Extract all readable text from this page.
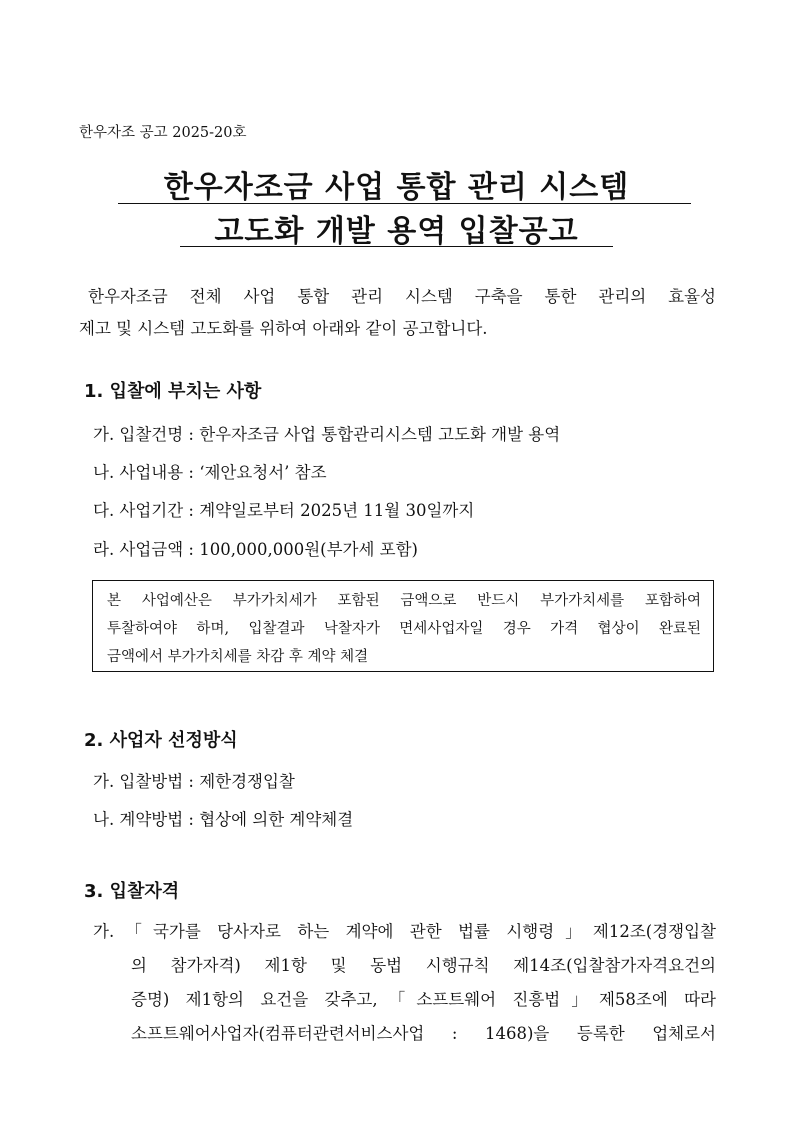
한우자조 공고 2025-20호
한우자조금 사업 통합 관리 시스템
고도화 개발 용역 입찰공고
한우자조금 전체 사업 통합 관리 시스템 구축을 통한 관리의 효율성
제고 및 시스템 고도화를 위하여 아래와 같이 공고합니다.
1. 입찰에 부치는 사항
가. 입찰건명 : 한우자조금 사업 통합관리시스템 고도화 개발 용역
나. 사업내용 : ‘제안요청서’ 참조
다. 사업기간 : 계약일로부터 2025년 11월 30일까지
라. 사업금액 : 100,000,000원(부가세 포함)
본 사업예산은 부가가치세가 포함된 금액으로 반드시 부가가치세를 포함하여
투찰하여야 하며, 입찰결과 낙찰자가 면세사업자일 경우 가격 협상이 완료된
금액에서 부가가치세를 차감 후 계약 체결
2. 사업자 선정방식
가. 입찰방법 : 제한경쟁입찰
나. 계약방법 : 협상에 의한 계약체결
3. 입찰자격
가.「국가를 당사자로 하는 계약에 관한 법률 시행령」제12조(경쟁입찰
의 참가자격) 제1항 및 동법 시행규칙 제14조(입찰참가자격요건의
증명) 제1항의 요건을 갖추고,「소프트웨어 진흥법」제58조에 따라
소프트웨어사업자(컴퓨터관련서비스사업 : 1468)을 등록한 업체로서
